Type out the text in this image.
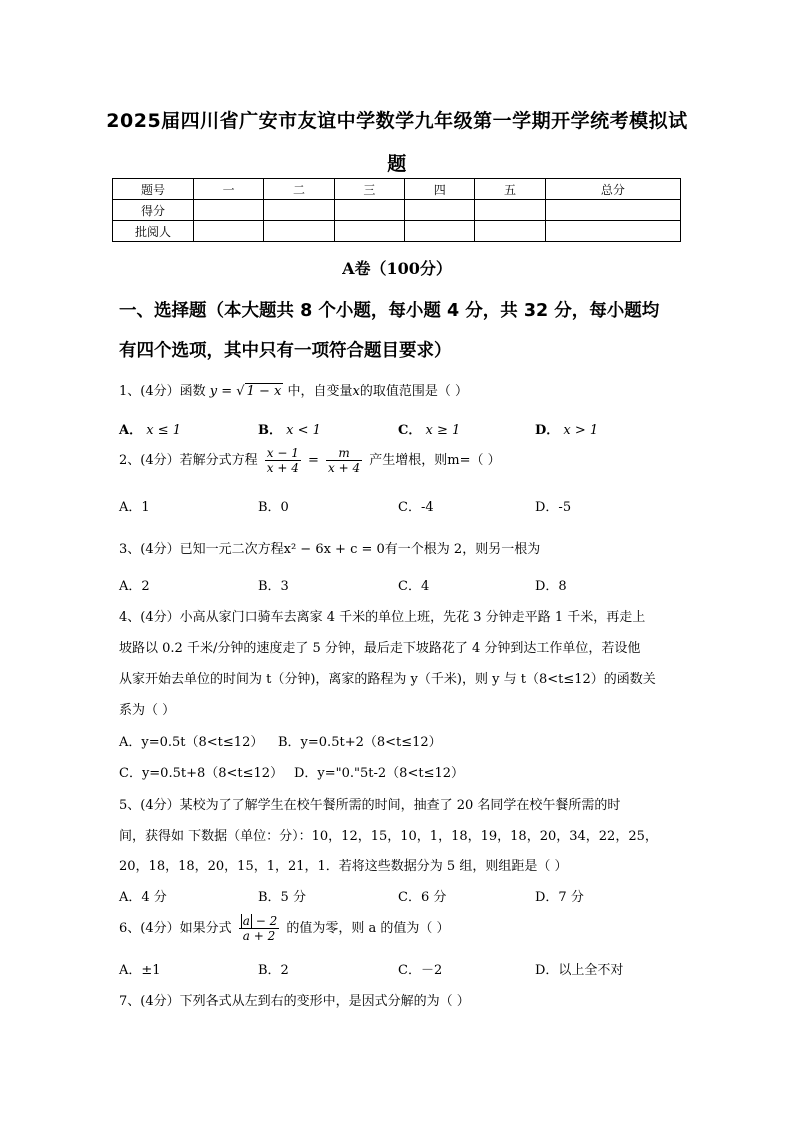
2025届四川省广安市友谊中学数学九年级第一学期开学统考模拟试
题
题号	一	二	三	四	五	总分
得分						
批阅人						
A卷（100分）
一、选择题（本大题共 8 个小题，每小题 4 分，共 32 分，每小题均
有四个选项，其中只有一项符合题目要求）
1、(4分）函数 y = √ 1 − x 中，自变量x的取值范围是（ ）
A． x ≤ 1	B． x < 1	C． x ≥ 1	D． x > 1
2、(4分）若解分式方程 $\frac{x - 1}{x + 4} = \frac{m}{x + 4}$ 产生增根，则m=（ ）
A．1	B．0	C．-4	D．-5
3、(4分）已知一元二次方程x² − 6x + c = 0有一个根为 2，则另一根为
A．2	B．3	C．4	D．8
4、(4分）小高从家门口骑车去离家 4 千米的单位上班，先花 3 分钟走平路 1 千米，再走上
坡路以 0.2 千米/分钟的速度走了 5 分钟，最后走下坡路花了 4 分钟到达工作单位，若设他
从家开始去单位的时间为 t（分钟)，离家的路程为 y（千米)，则 y 与 t（8<t≤12）的函数关
系为（ ）
A．y=0.5t（8<t≤12） B．y=0.5t+2（8<t≤12）
C．y=0.5t+8（8<t≤12） D．y="0."5t-2（8<t≤12）
5、(4分）某校为了了解学生在校午餐所需的时间，抽查了 20 名同学在校午餐所需的时
间，获得如 下数据（单位：分）：10，12，15，10，1，18，19，18，20，34，22，25，
20，18，18，20，15，1，21，1．若将这些数据分为 5 组，则组距是（ ）
A．4 分	B．5 分	C．6 分	D．7 分
6、(4分）如果分式 $\frac{a - 2}{a + 2}$ 的值为零，则 a 的值为（ ）
A．±1	B．2	C．－2	D．以上全不对
7、(4分）下列各式从左到右的变形中，是因式分解的为（ ）
